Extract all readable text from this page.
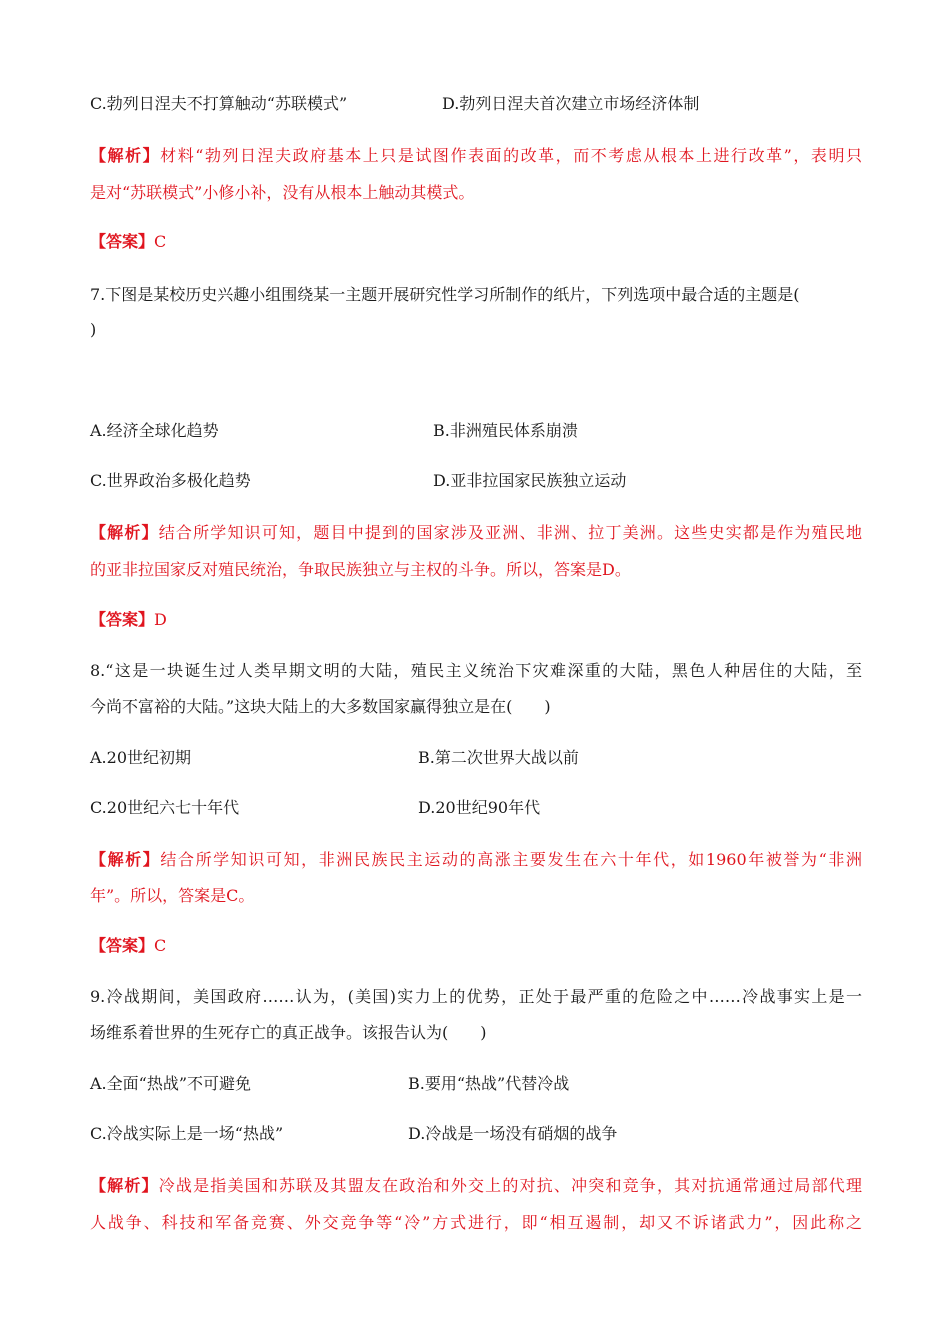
C.勃列日涅夫不打算触动“苏联模式”	D.勃列日涅夫首次建立市场经济体制
【解析】材料“勃列日涅夫政府基本上只是试图作表面的改革，而不考虑从根本上进行改革”，表明只
是对“苏联模式”小修小补，没有从根本上触动其模式。
【答案】C
7.下图是某校历史兴趣小组围绕某一主题开展研究性学习所制作的纸片，下列选项中最合适的主题是(
)
A.经济全球化趋势	B.非洲殖民体系崩溃
C.世界政治多极化趋势	D.亚非拉国家民族独立运动
【解析】结合所学知识可知，题目中提到的国家涉及亚洲、非洲、拉丁美洲。这些史实都是作为殖民地
的亚非拉国家反对殖民统治，争取民族独立与主权的斗争。所以，答案是D。
【答案】D
8.“这是一块诞生过人类早期文明的大陆，殖民主义统治下灾难深重的大陆，黑色人种居住的大陆，至
今尚不富裕的大陆。”这块大陆上的大多数国家赢得独立是在(　　)
A.20世纪初期	B.第二次世界大战以前
C.20世纪六七十年代	D.20世纪90年代
【解析】结合所学知识可知，非洲民族民主运动的高涨主要发生在六十年代，如1960年被誉为“非洲
年”。所以，答案是C。
【答案】C
9.冷战期间，美国政府……认为，(美国)实力上的优势，正处于最严重的危险之中……冷战事实上是一
场维系着世界的生死存亡的真正战争。该报告认为(　　)
A.全面“热战”不可避免	B.要用“热战”代替冷战
C.冷战实际上是一场“热战”	D.冷战是一场没有硝烟的战争
【解析】冷战是指美国和苏联及其盟友在政治和外交上的对抗、冲突和竞争，其对抗通常通过局部代理
人战争、科技和军备竞赛、外交竞争等“冷”方式进行，即“相互遏制，却又不诉诸武力”，因此称之
